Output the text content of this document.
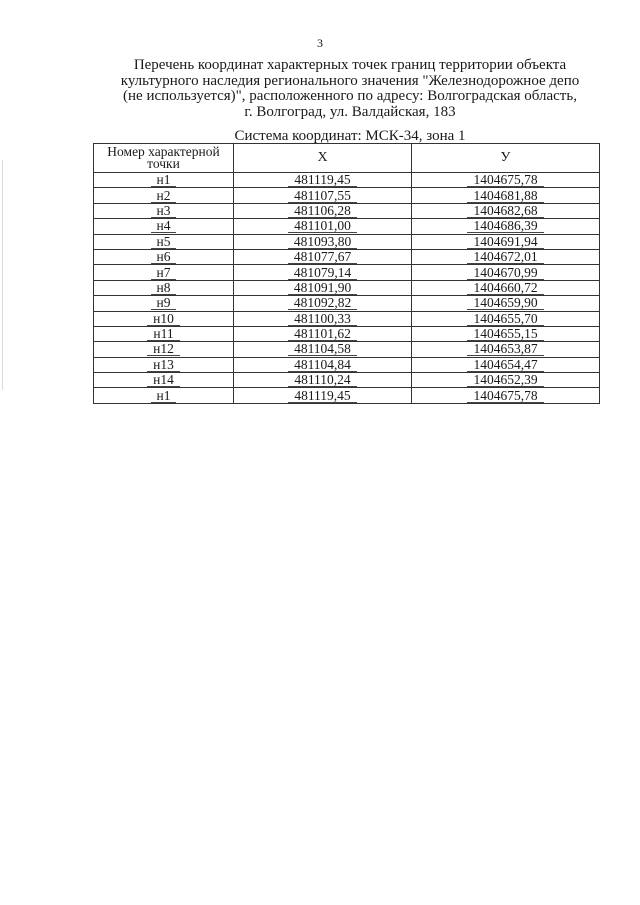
3
Перечень координат характерных точек границ территории объекта
культурного наследия регионального значения "Железнодорожное депо
(не используется)", расположенного по адресу: Волгоградская область,
г. Волгоград, ул. Валдайская, 183
Система координат: МСК-34, зона 1
Номер характерной точки	X	У
н1	481119,45	1404675,78
н2	481107,55	1404681,88
н3	481106,28	1404682,68
н4	481101,00	1404686,39
н5	481093,80	1404691,94
н6	481077,67	1404672,01
н7	481079,14	1404670,99
н8	481091,90	1404660,72
н9	481092,82	1404659,90
н10	481100,33	1404655,70
н11	481101,62	1404655,15
н12	481104,58	1404653,87
н13	481104,84	1404654,47
н14	481110,24	1404652,39
н1	481119,45	1404675,78
